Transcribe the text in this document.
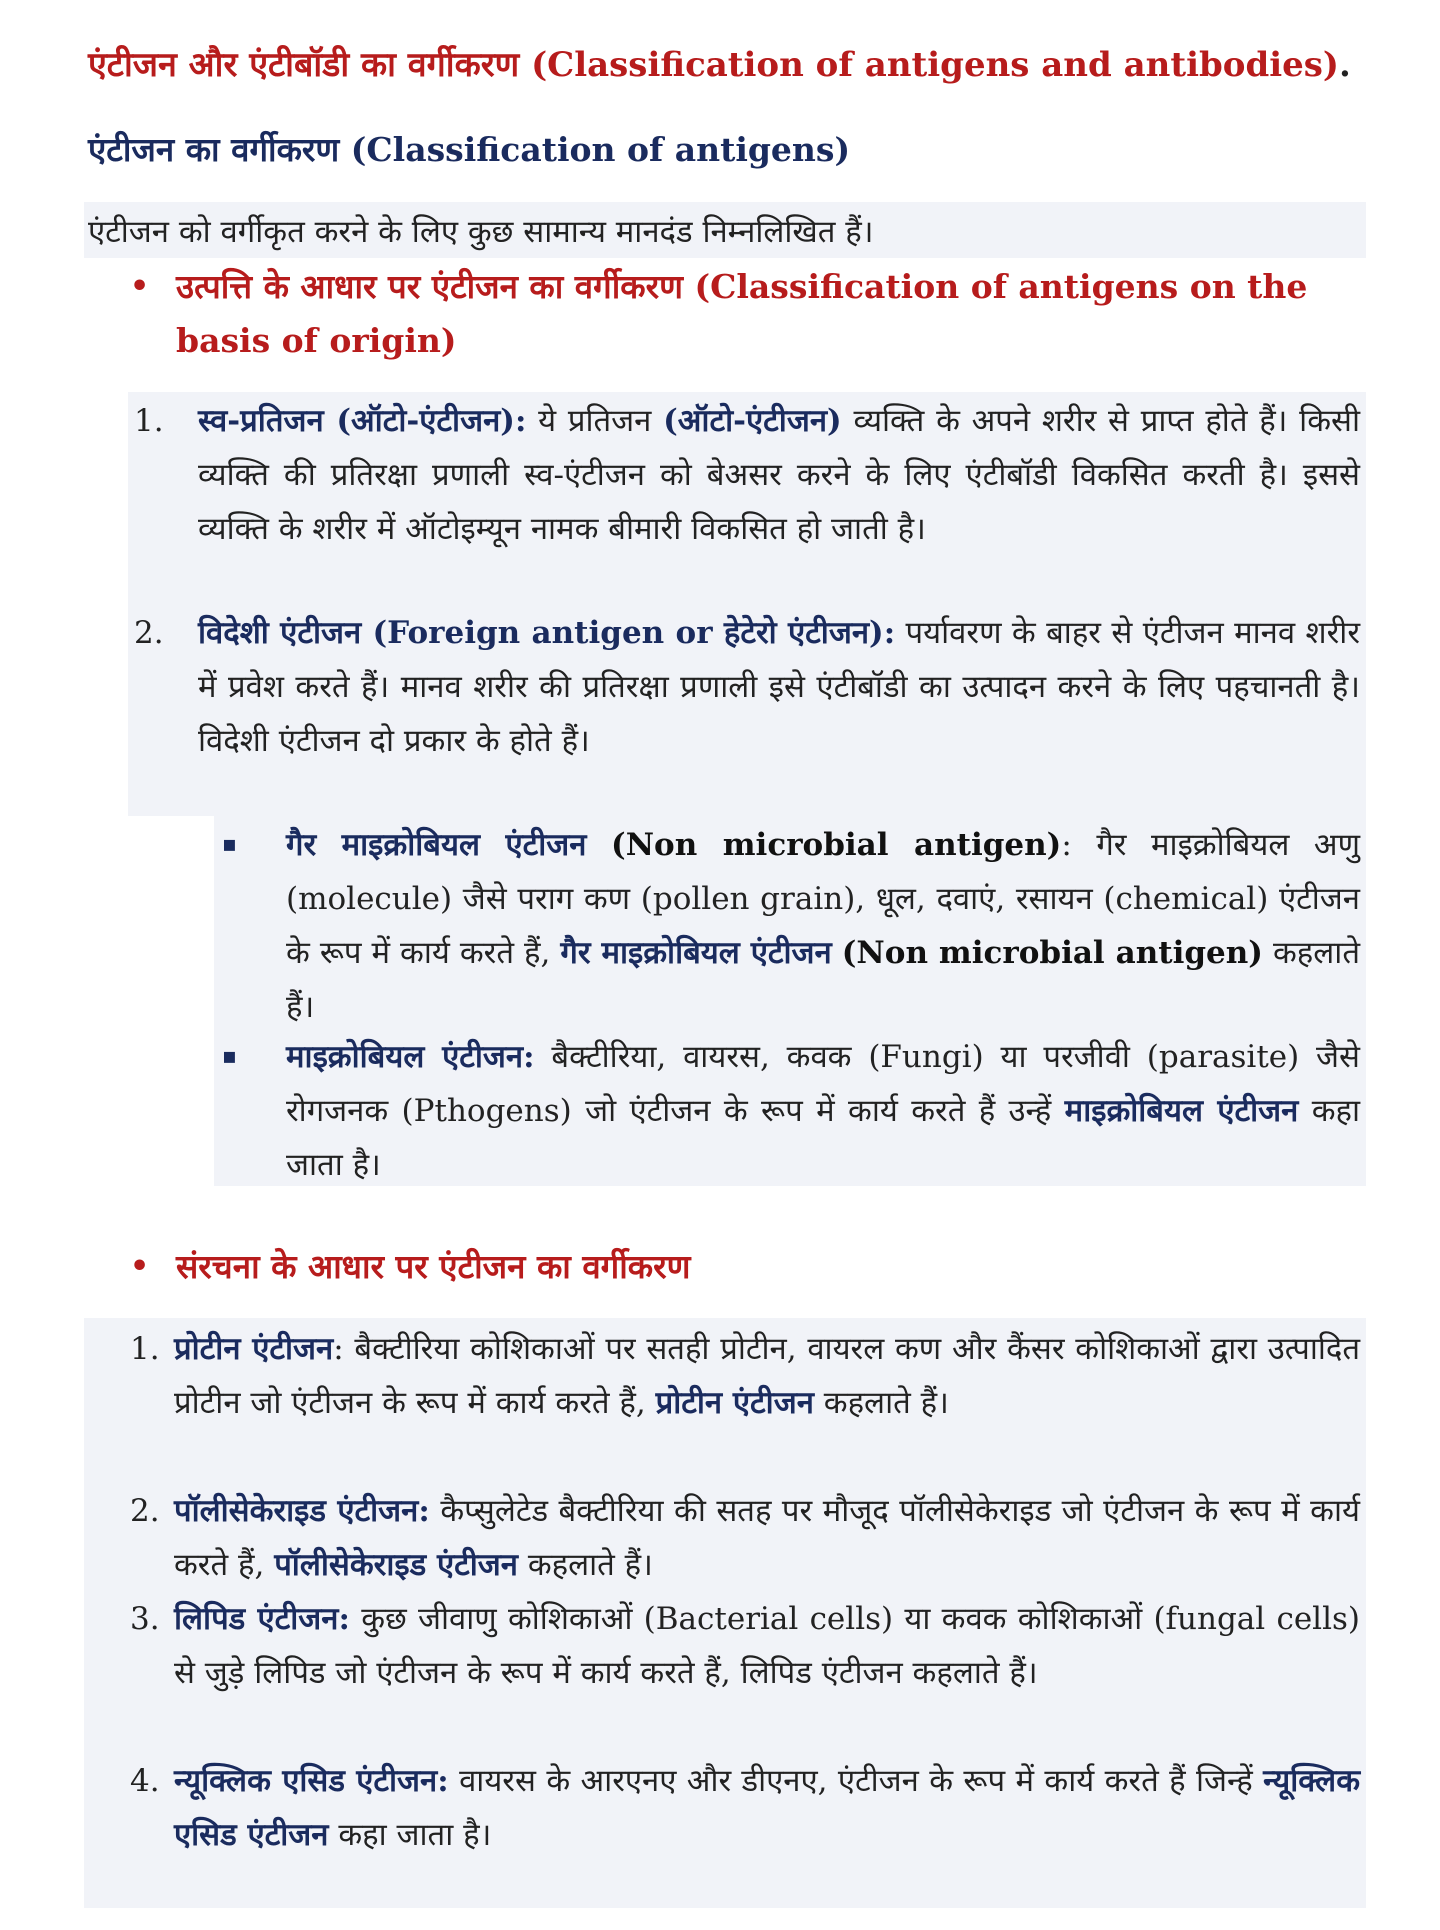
एंटीजन और एंटीबॉडी का वर्गीकरण (Classification of antigens and antibodies).
एंटीजन का वर्गीकरण (Classification of antigens)
एंटीजन को वर्गीकृत करने के लिए कुछ सामान्य मानदंड निम्नलिखित हैं।
• उत्पत्ति के आधार पर एंटीजन का वर्गीकरण (Classification of antigens on the basis of origin)
1.	स्व-प्रतिजन (ऑटो-एंटीजन): ये प्रतिजन (ऑटो-एंटीजन) व्यक्ति के अपने शरीर से प्राप्त होते हैं। किसी व्यक्ति की प्रतिरक्षा प्रणाली स्व-एंटीजन को बेअसर करने के लिए एंटीबॉडी विकसित करती है। इससे व्यक्ति के शरीर में ऑटोइम्यून नामक बीमारी विकसित हो जाती है।
2.	विदेशी एंटीजन (Foreign antigen or हेटेरो एंटीजन): पर्यावरण के बाहर से एंटीजन मानव शरीर में प्रवेश करते हैं। मानव शरीर की प्रतिरक्षा प्रणाली इसे एंटीबॉडी का उत्पादन करने के लिए पहचानती है। विदेशी एंटीजन दो प्रकार के होते हैं।
▪	गैर माइक्रोबियल एंटीजन (Non microbial antigen): गैर माइक्रोबियल अणु (molecule) जैसे पराग कण (pollen grain), धूल, दवाएं, रसायन (chemical) एंटीजन के रूप में कार्य करते हैं, गैर माइक्रोबियल एंटीजन (Non microbial antigen) कहलाते हैं।
▪	माइक्रोबियल एंटीजन: बैक्टीरिया, वायरस, कवक (Fungi) या परजीवी (parasite) जैसे रोगजनक (Pthogens) जो एंटीजन के रूप में कार्य करते हैं उन्हें माइक्रोबियल एंटीजन कहा जाता है।
• संरचना के आधार पर एंटीजन का वर्गीकरण
1. प्रोटीन एंटीजन: बैक्टीरिया कोशिकाओं पर सतही प्रोटीन, वायरल कण और कैंसर कोशिकाओं द्वारा उत्पादित प्रोटीन जो एंटीजन के रूप में कार्य करते हैं, प्रोटीन एंटीजन कहलाते हैं।
2. पॉलीसेकेराइड एंटीजन: कैप्सुलेटेड बैक्टीरिया की सतह पर मौजूद पॉलीसेकेराइड जो एंटीजन के रूप में कार्य करते हैं, पॉलीसेकेराइड एंटीजन कहलाते हैं।
3. लिपिड एंटीजन: कुछ जीवाणु कोशिकाओं (Bacterial cells) या कवक कोशिकाओं (fungal cells) से जुड़े लिपिड जो एंटीजन के रूप में कार्य करते हैं, लिपिड एंटीजन कहलाते हैं।
4. न्यूक्लिक एसिड एंटीजन: वायरस के आरएनए और डीएनए, एंटीजन के रूप में कार्य करते हैं जिन्हें न्यूक्लिक एसिड एंटीजन कहा जाता है।
